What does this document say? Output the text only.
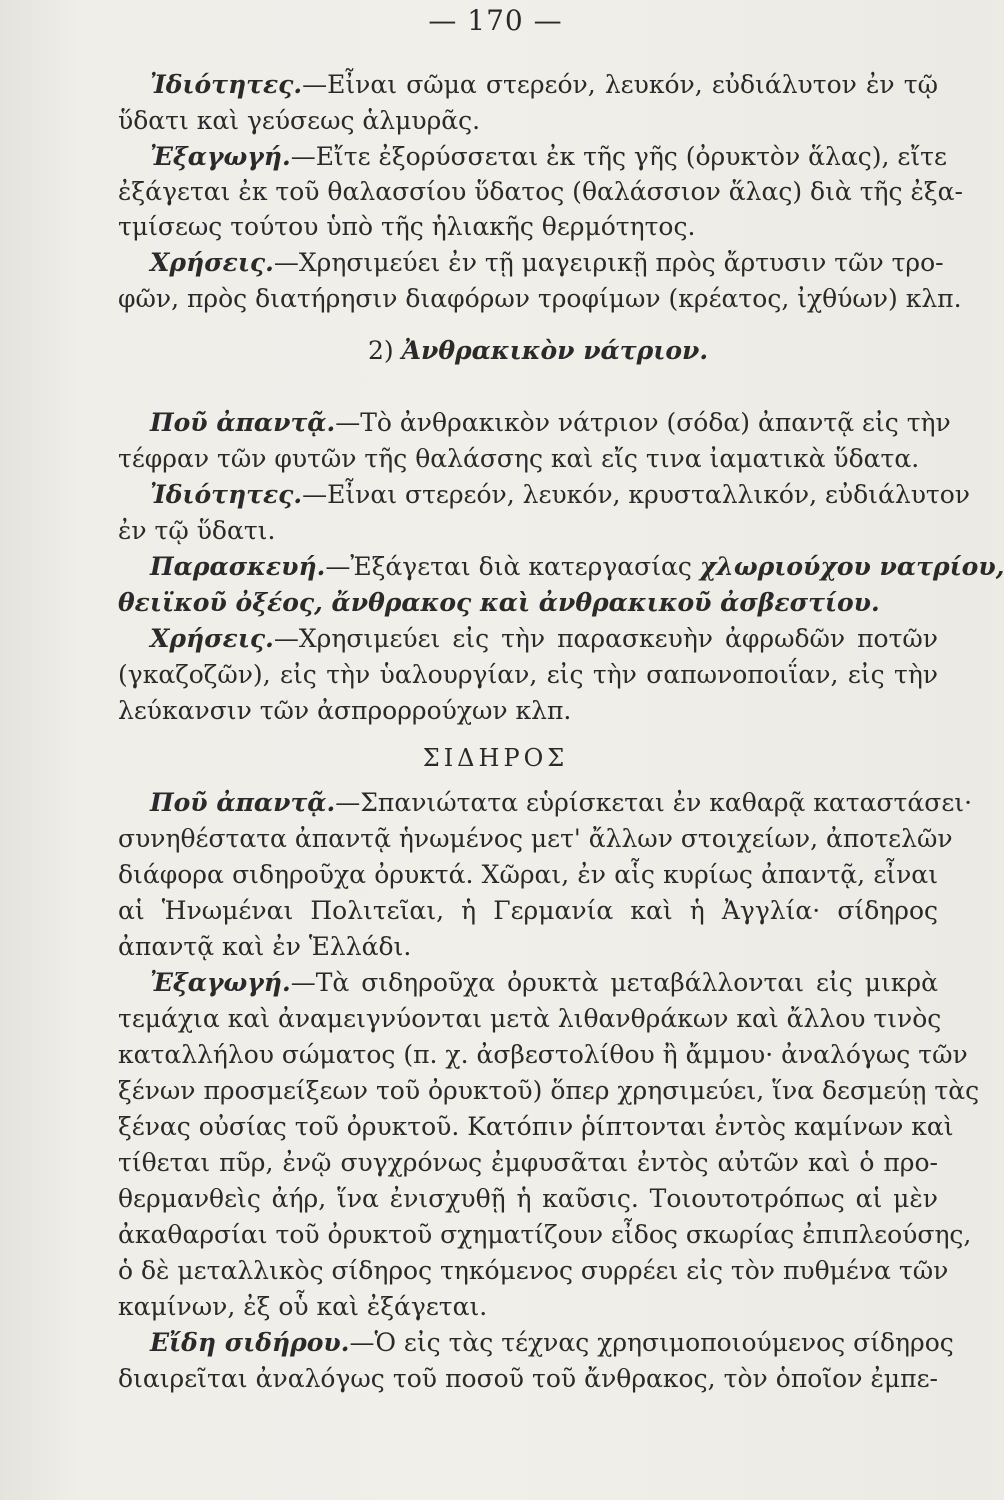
— 170 —
Ἰδιότητες.—Εἶναι σῶμα στερεόν, λευκόν, εὐδιάλυτον ἐν τῷ
ὕδατι καὶ γεύσεως ἁλμυρᾶς.
Ἐξαγωγή.—Εἴτε ἐξορύσσεται ἐκ τῆς γῆς (ὀρυκτὸν ἅλας), εἴτε
ἐξάγεται ἐκ τοῦ θαλασσίου ὕδατος (θαλάσσιον ἅλας) διὰ τῆς ἐξα-
τμίσεως τούτου ὑπὸ τῆς ἡλιακῆς θερμότητος.
Χρήσεις.—Χρησιμεύει ἐν τῇ μαγειρικῇ πρὸς ἄρτυσιν τῶν τρο-
φῶν, πρὸς διατήρησιν διαφόρων τροφίμων (κρέατος, ἰχθύων) κλπ.
2) Ἀνθρακικὸν νάτριον.
Ποῦ ἀπαντᾷ.—Τὸ ἀνθρακικὸν νάτριον (σόδα) ἀπαντᾷ εἰς τὴν
τέφραν τῶν φυτῶν τῆς θαλάσσης καὶ εἴς τινα ἰαματικὰ ὕδατα.
Ἰδιότητες.—Εἶναι στερεόν, λευκόν, κρυσταλλικόν, εὐδιάλυτον
ἐν τῷ ὕδατι.
Παρασκευή.—Ἐξάγεται διὰ κατεργασίας χλωριούχου νατρίου,
θειϊκοῦ ὀξέος, ἄνθρακος καὶ ἀνθρακικοῦ ἀσβεστίου.
Χρήσεις.—Χρησιμεύει εἰς τὴν παρασκευὴν ἀφρωδῶν ποτῶν
(γκαζοζῶν), εἰς τὴν ὑαλουργίαν, εἰς τὴν σαπωνοποιΐαν, εἰς τὴν
λεύκανσιν τῶν ἀσπρορρούχων κλπ.
ΣΙΔΗΡΟΣ
Ποῦ ἀπαντᾷ.—Σπανιώτατα εὑρίσκεται ἐν καθαρᾷ καταστάσει·
συνηθέστατα ἀπαντᾷ ἡνωμένος μετ' ἄλλων στοιχείων, ἀποτελῶν
διάφορα σιδηροῦχα ὀρυκτά. Χῶραι, ἐν αἷς κυρίως ἀπαντᾷ, εἶναι
αἱ Ἡνωμέναι Πολιτεῖαι, ἡ Γερμανία καὶ ἡ Ἀγγλία· σίδηρος
ἀπαντᾷ καὶ ἐν Ἑλλάδι.
Ἐξαγωγή.—Τὰ σιδηροῦχα ὀρυκτὰ μεταβάλλονται εἰς μικρὰ
τεμάχια καὶ ἀναμειγνύονται μετὰ λιθανθράκων καὶ ἄλλου τινὸς
καταλλήλου σώματος (π. χ. ἀσβεστολίθου ἢ ἄμμου· ἀναλόγως τῶν
ξένων προσμείξεων τοῦ ὀρυκτοῦ) ὅπερ χρησιμεύει, ἵνα δεσμεύῃ τὰς
ξένας οὐσίας τοῦ ὀρυκτοῦ. Κατόπιν ῥίπτονται ἐντὸς καμίνων καὶ
τίθεται πῦρ, ἐνῷ συγχρόνως ἐμφυσᾶται ἐντὸς αὐτῶν καὶ ὁ προ-
θερμανθεὶς ἀήρ, ἵνα ἐνισχυθῇ ἡ καῦσις. Τοιουτοτρόπως αἱ μὲν
ἀκαθαρσίαι τοῦ ὀρυκτοῦ σχηματίζουν εἶδος σκωρίας ἐπιπλεούσης,
ὁ δὲ μεταλλικὸς σίδηρος τηκόμενος συρρέει εἰς τὸν πυθμένα τῶν
καμίνων, ἐξ οὗ καὶ ἐξάγεται.
Εἴδη σιδήρου.—Ὁ εἰς τὰς τέχνας χρησιμοποιούμενος σίδηρος
διαιρεῖται ἀναλόγως τοῦ ποσοῦ τοῦ ἄνθρακος, τὸν ὁποῖον ἐμπε-
